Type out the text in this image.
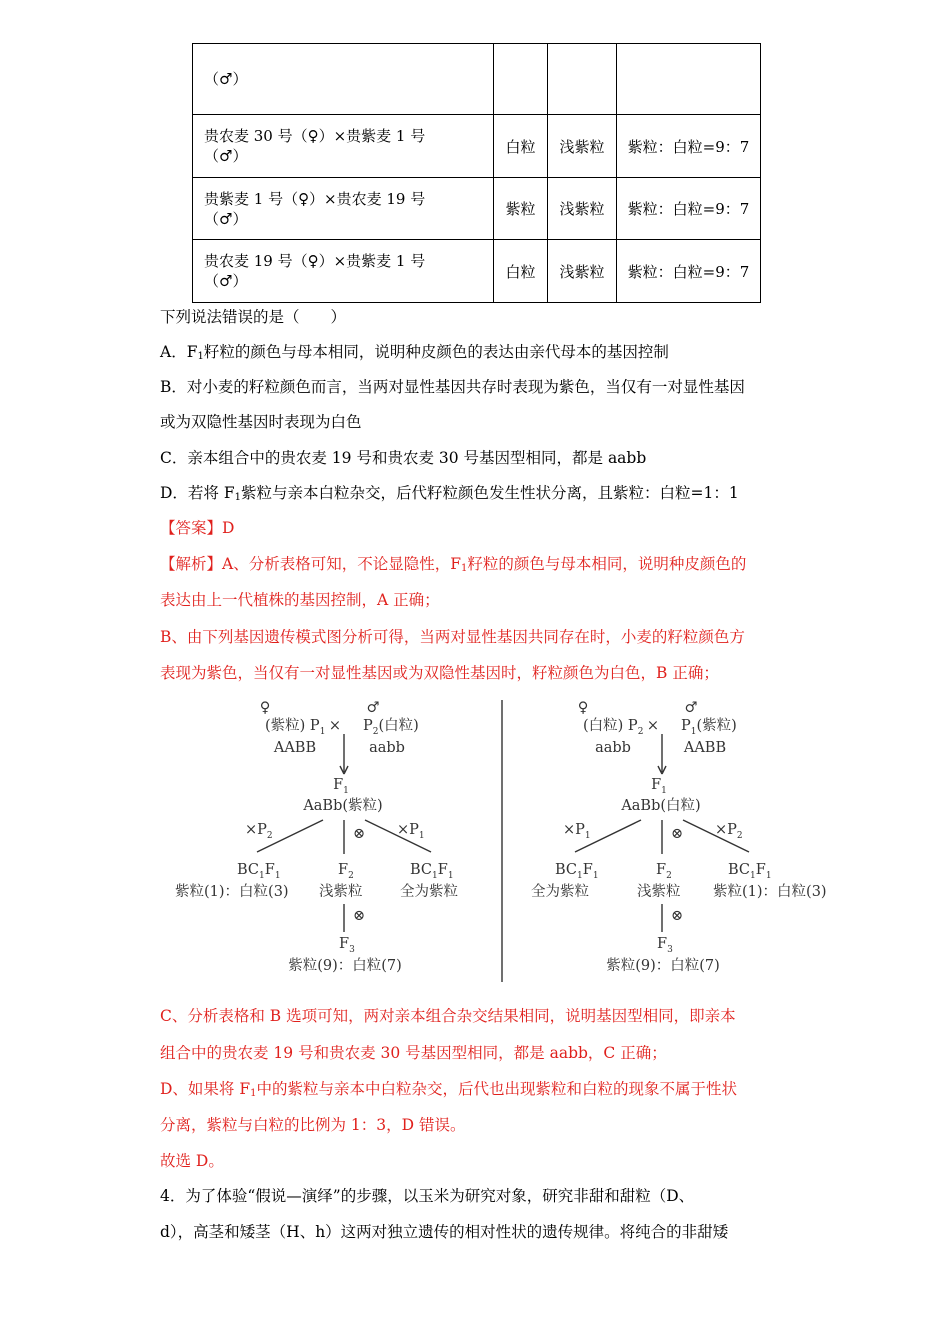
（♂）			
贵农麦 30 号（♀）×贵紫麦 1 号
（♂）	白粒	浅紫粒	紫粒：白粒=9：7
贵紫麦 1 号（♀）×贵农麦 19 号
（♂）	紫粒	浅紫粒	紫粒：白粒=9：7
贵农麦 19 号（♀）×贵紫麦 1 号
（♂）	白粒	浅紫粒	紫粒：白粒=9：7
下列说法错误的是（　　）
A．$F_1$籽粒的颜色与母本相同，说明种皮颜色的表达由亲代母本的基因控制
B．对小麦的籽粒颜色而言，当两对显性基因共存时表现为紫色，当仅有一对显性基因
或为双隐性基因时表现为白色
C．亲本组合中的贵农麦 19 号和贵农麦 30 号基因型相同，都是 aabb
D．若将 $F_1$紫粒与亲本白粒杂交，后代籽粒颜色发生性状分离，且紫粒：白粒=1：1
【答案】D
【解析】A、分析表格可知，不论显隐性，$F_1$籽粒的颜色与母本相同，说明种皮颜色的
表达由上一代植株的基因控制，A 正确；
B、由下列基因遗传模式图分析可得，当两对显性基因共同存在时，小麦的籽粒颜色方
表现为紫色，当仅有一对显性基因或为双隐性基因时，籽粒颜色为白色，B 正确；
♀	♂
(紫粒) $P_1 \times P_2$(白粒)
AABB	aabb
$F_1$
AaBb(紫粒)
$\times P_2$	⊗ $\times P_1$
$BC_1F_1$	$F_2$	$BC_1F_1$
紫粒(1)：白粒(3) 浅紫粒	全为紫粒
⊗
$F_3$
紫粒(9)：白粒(7)
♀	♂
(白粒) $P_2 \times P_1$(紫粒)
aabb	AABB
$F_1$
AaBb(白粒)
$\times P_1$	⊗ $\times P_2$
$BC_1F_1$	$F_2$	$BC_1F_1$
全为紫粒	浅紫粒 紫粒(1)：白粒(3)
⊗
$F_3$
紫粒(9)：白粒(7)
C、分析表格和 B 选项可知，两对亲本组合杂交结果相同，说明基因型相同，即亲本
组合中的贵农麦 19 号和贵农麦 30 号基因型相同，都是 aabb，C 正确；
D、如果将 $F_1$中的紫粒与亲本中白粒杂交，后代也出现紫粒和白粒的现象不属于性状
分离，紫粒与白粒的比例为 1：3，D 错误。
故选 D。
4．为了体验“假说—演绎”的步骤，以玉米为研究对象，研究非甜和甜粒（D、
d），高茎和矮茎（H、h）这两对独立遗传的相对性状的遗传规律。将纯合的非甜矮
